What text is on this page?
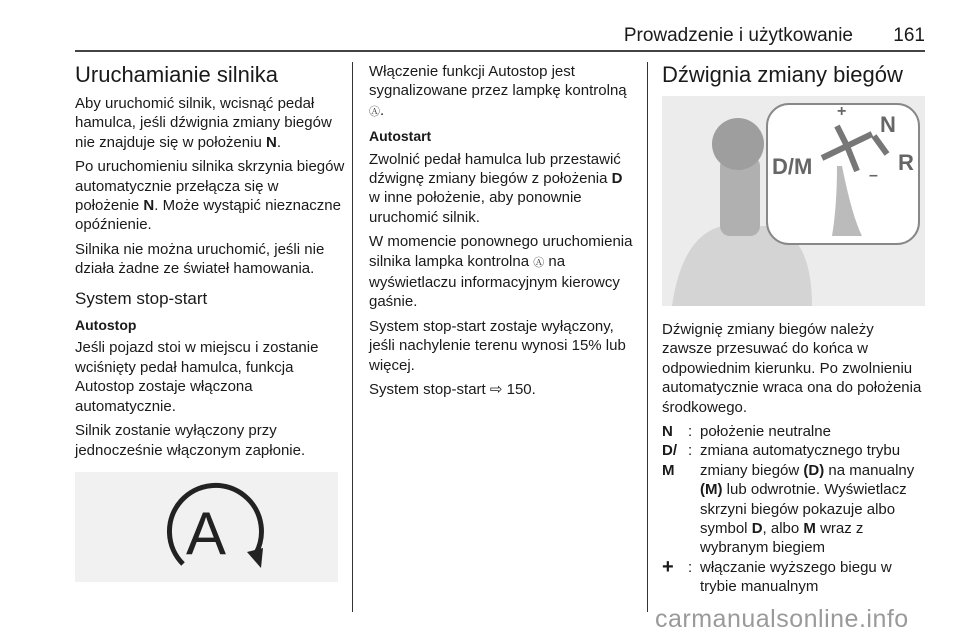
Prowadzenie i użytkowanie 161
Uruchamianie silnika

Aby uruchomić silnik, wcisnąć pedał hamulca, jeśli dźwignia zmiany biegów nie znajduje się w położeniu N.

Po uruchomieniu silnika skrzynia biegów automatycznie przełącza się w położenie N. Może wystąpić nieznaczne opóźnienie.

Silnika nie można uruchomić, jeśli nie działa żadne ze świateł hamowania.

System stop-start
Autostop

Jeśli pojazd stoi w miejscu i zostanie wciśnięty pedał hamulca, funkcja Autostop zostaje włączona automatycznie.

Silnik zostanie wyłączony przy jednocześnie włączonym zapłonie.

A

Włączenie funkcji Autostop jest sygnalizowane przez lampkę kontrolną Ⓐ.

Autostart

Zwolnić pedał hamulca lub przestawić dźwignę zmiany biegów z położenia D w inne położenie, aby ponownie uruchomić silnik.

W momencie ponownego uruchomienia silnika lampka kontrolna Ⓐ na wyświetlaczu informacyjnym kierowcy gaśnie.

System stop-start zostaje wyłączony, jeśli nachylenie terenu wynosi 15% lub więcej.

System stop-start ⇨ 150.

Dźwignia zmiany biegów
+
N
D/M	R
–

Dźwignię zmiany biegów należy zawsze przesuwać do końca w odpowiednim kierunku. Po zwolnieniu automatycznie wraca ona do położenia środkowego.

N	: położenie neutralne
D/ M
: zmiana automatycznego trybu zmiany biegów (D) na manualny (M) lub odwrotnie. Wyświetlacz skrzyni biegów pokazuje albo symbol D, albo M wraz z wybranym biegiem
+ : włączanie wyższego biegu w trybie manualnym
carmanualsonline.info
